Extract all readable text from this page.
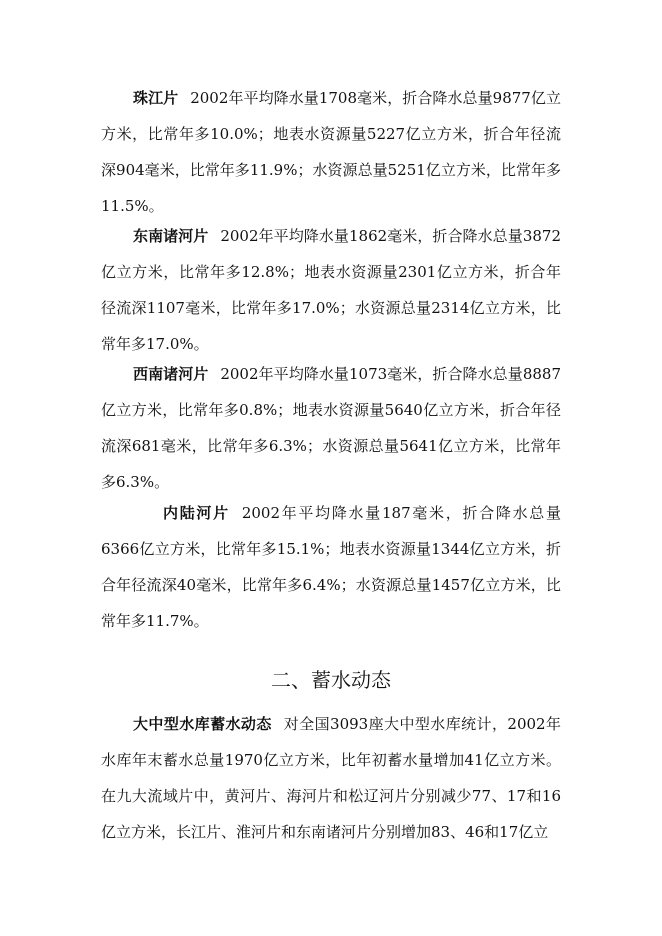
珠江片 2002年平均降水量1708毫米，折合降水总量9877亿立方米，比常年多10.0%；地表水资源量5227亿立方米，折合年径流深904毫米，比常年多11.9%；水资源总量5251亿立方米，比常年多11.5%。

东南诸河片 2002年平均降水量1862毫米，折合降水总量3872亿立方米，比常年多12.8%；地表水资源量2301亿立方米，折合年径流深1107毫米，比常年多17.0%；水资源总量2314亿立方米，比常年多17.0%。

西南诸河片 2002年平均降水量1073毫米，折合降水总量8887亿立方米，比常年多0.8%；地表水资源量5640亿立方米，折合年径流深681毫米，比常年多6.3%；水资源总量5641亿立方米，比常年多6.3%。

内陆河片 2002年平均降水量187毫米，折合降水总量6366亿立方米，比常年多15.1%；地表水资源量1344亿立方米，折合年径流深40毫米，比常年多6.4%；水资源总量1457亿立方米，比常年多11.7%。

二、蓄水动态

大中型水库蓄水动态 对全国3093座大中型水库统计，2002年水库年末蓄水总量1970亿立方米，比年初蓄水量增加41亿立方米。在九大流域片中，黄河片、海河片和松辽河片分别减少77、17和16亿立方米，长江片、淮河片和东南诸河片分别增加83、46和17亿立
